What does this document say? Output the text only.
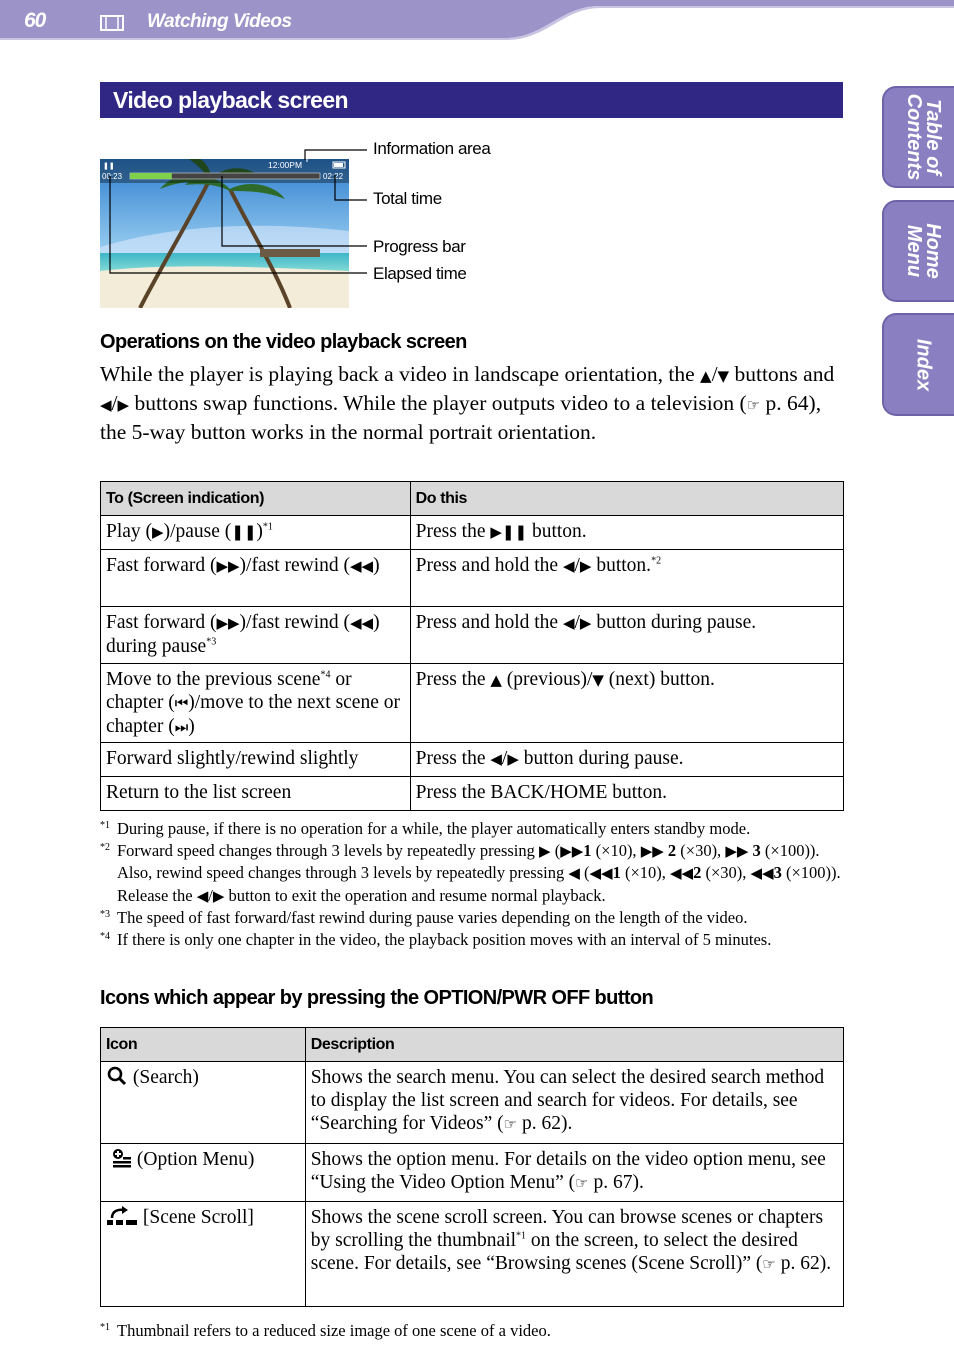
60	Watching Videos
Table of
Contents
Home
Menu
Index
Video playback screen
❚❚	12:00PM
00:23	02:22
Information area
Total time
Progress bar
Elapsed time
Operations on the video playback screen

While the player is playing back a video in landscape orientation, the ▲/▼ buttons and ◀/▶ buttons swap functions. While the player outputs video to a television (☞ p. 64), the 5-way button works in the normal portrait orientation.

To (Screen indication)	Do this
Play (▶)/pause (❚❚)$^{*1}$	Press the ▶❚❚ button.
Fast forward (▶▶)/fast rewind (◀◀)	Press and hold the ◀/▶ button.$^{*2}$
Fast forward (▶▶)/fast rewind (◀◀) during pause$^{*3}$	Press and hold the ◀/▶ button during pause.
Move to the previous scene$^{*4}$ or chapter (⏮)/move to the next scene or chapter (⏭)	Press the ▲ (previous)/▼ (next) button.
Forward slightly/rewind slightly	Press the ◀/▶ button during pause.
Return to the list screen	Press the BACK/HOME button.
*1 During pause, if there is no operation for a while, the player automatically enters standby mode.
*2 Forward speed changes through 3 levels by repeatedly pressing ▶ (▶▶1 (×10), ▶▶ 2 (×30), ▶▶ 3 (×100)). Also, rewind speed changes through 3 levels by repeatedly pressing ◀ (◀◀1 (×10), ◀◀2 (×30), ◀◀3 (×100)). Release the ◀/▶ button to exit the operation and resume normal playback.
*3 The speed of fast forward/fast rewind during pause varies depending on the length of the video.
*4 If there is only one chapter in the video, the playback position moves with an interval of 5 minutes.
Icons which appear by pressing the OPTION/PWR OFF button
Icon	Description
(Search)	Shows the search menu. You can select the desired search method to display the list screen and search for videos. For details, see “Searching for Videos” (☞ p. 62).
(Option Menu)	Shows the option menu. For details on the video option menu, see “Using the Video Option Menu” (☞ p. 67).
[Scene Scroll]	Shows the scene scroll screen. You can browse scenes or chapters by scrolling the thumbnail$^{*1}$ on the screen, to select the desired scene. For details, see “Browsing scenes (Scene Scroll)” (☞ p. 62).
*1 Thumbnail refers to a reduced size image of one scene of a video.
